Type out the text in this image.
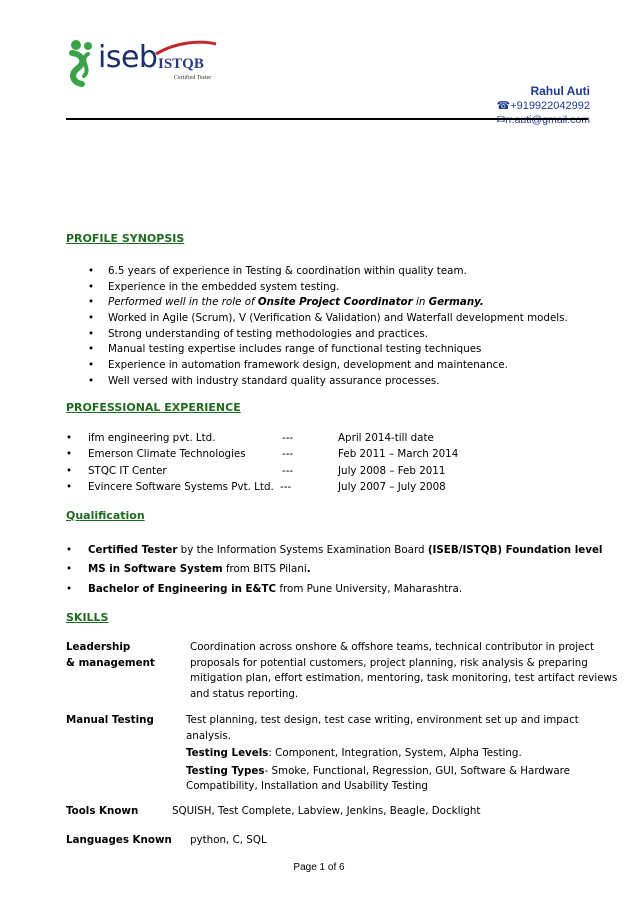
iseb ISTQB
Certified Tester
Rahul Auti
☎+919922042992
✉rr.auti@gmail.com
PROFILE SYNOPSIS
• 6.5 years of experience in Testing & coordination within quality team.
• Experience in the embedded system testing.
• Performed well in the role of Onsite Project Coordinator in Germany.
• Worked in Agile (Scrum), V (Verification & Validation) and Waterfall development models.
• Strong understanding of testing methodologies and practices.
• Manual testing expertise includes range of functional testing techniques
• Experience in automation framework design, development and maintenance.
• Well versed with industry standard quality assurance processes.
PROFESSIONAL EXPERIENCE
• ifm engineering pvt. Ltd.	---	April 2014-till date
• Emerson Climate Technologies	---	Feb 2011 – March 2014
• STQC IT Center	---	July 2008 – Feb 2011
• Evincere Software Systems Pvt. Ltd. ---	July 2007 – July 2008
Qualification
• Certified Tester by the Information Systems Examination Board (ISEB/ISTQB) Foundation level
• MS in Software System from BITS Pilani.
• Bachelor of Engineering in E&TC from Pune University, Maharashtra.
SKILLS
Leadership
& management
Coordination across onshore & offshore teams, technical contributor in project
proposals for potential customers, project planning, risk analysis & preparing
mitigation plan, effort estimation, mentoring, task monitoring, test artifact reviews
and status reporting.
Manual Testing	Test planning, test design, test case writing, environment set up and impact
analysis.
Testing Levels: Component, Integration, System, Alpha Testing.
Testing Types- Smoke, Functional, Regression, GUI, Software & Hardware
Compatibility, Installation and Usability Testing
Tools Known	SQUISH, Test Complete, Labview, Jenkins, Beagle, Docklight
Languages Known python, C, SQL
Page 1 of 6
